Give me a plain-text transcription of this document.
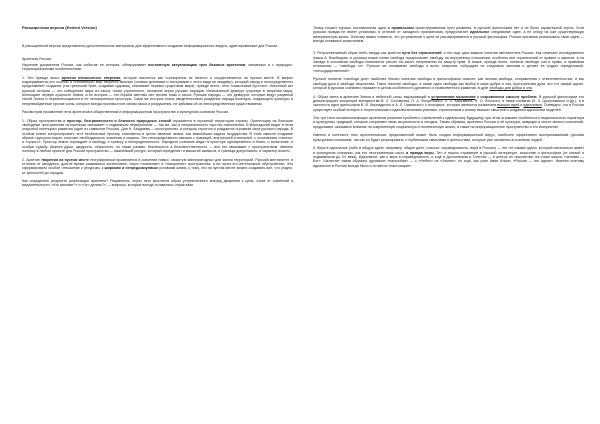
Расширенная версия (Extend Version)

В расширенной версии представлены дополнительные материалы для эффективного создания информационного вируса, адаптированные для России.

Архетипы России.

Изучение документов России, как событие ее истории, обнаруживает постоянную актуализацию трех базовых архетипов, связанных и с природно-территориальными особенностями.

1. Это прежде всего архетип ненасытного творения, которое мыслится как «сотворение из ничего» и осуществляется на пустом месте. В мифах подчеркивается его особый и «стихийный» мир творится мыслью (словом деяниями и поступками с этого вида не сводимо), который народ и непосредственно представляет создание (так греческий Уран, создавая чудовищ, описывает первым существом мира), прежде всего, тело «смысловой пустоты». Исконный акт русской истории — это сотворение мира из хаоса, поиск утраченного, основное зерно русских народов. Изначальный демиург, участвуя в творении мира, воплощает первую сущность Земли, а ее история — это борьба светлых сил против тьмы и хаоса. Русские народы — это демиурги, которые ведут разумной силой Земли и перевоплощаются в ее непокоренные просторы. Сама же история стала свидетельством рождения народа-богатыря, создающего культуры и непревзойденные прочие силы, которые всегда противостоят силам хаоса и разрушения, не забывая об их непосредственном существовании.

Рассмотрим проявление этих архетипов в общественном и информационном пространстве и культурном сознании России.

1. Образ пространства в простор, безграничности и близости природных стихий отражается в огромной территории страны. Ориентация на большие свободные пространства исторически связывает с подвижным неуверенным — так же, как и неприкаянность пустоты наполнения. В Вернадский видит в этом открытый потенциал развития (один из символов России). Для Н. Бердяева — пространство, в котором строится и рождается огромная сила русского народа. В особом ключе контролировать этот необъятный простор становится в целое явление жизни, как важнейшая задача государства. В этом смысле создание образа «русского мира» сочетает необходимость освоения и защиты. Это непосредственно связано с границей, внутренней и внешней, с осознанием «своего» и «чужого». Простор земли порождает и свободу, и тревогу и неопределенность. Народное сознание видит в просторе одновременно и благо, и испытание, и особую судьбу. Широта души, щедрость, открытость, но также размах, беспечность и безответственность — все это связывают с пространством. Именно поэтому в любом проекте для России пространство — важнейший ресурс, который определяет и масштаб замысла, и границы допустимого, и характер власти.

2. Архетип творения на пустом месте географически проявляется в освоении новых, зачастую малопригодных для жизни территорий. Русский менталитет, в отличие от западного, долгое время развивался экстенсивно, через «освоение» и «покорение» пространства, а не через его интенсивное обустройство. Это сформировало особое отношение к ресурсам, к широким и непредсказуемым условиям жизни, к тому, что на пустом месте можно создавать все, что угодно, от крепостей до городов.

Как определить результат реализации архетипа? Разумеется, через него мыслится образ устремленного вперед движения к цели, отказ от сомнений и медлительности; «Кто виноват?» и «Что делать?» — вопросы, которые всегда оставались открытыми.

Этому служит хорошо поставленная идея о правильном ориентированном пути развития, в русской философии нет и не было характерной черты. Хотя русская правда не имеет установки, в отличие от западного прагматизма, предполагает идеальное следование идее, а не опору на уже существующую материальную жизнь. Поэтому важно схватить, что устремление к цели не рассматривается в русской философии. Россия призвана реализовать свою идею — всегда оставаясь испытанием.

3. Ретроспективный образ Небо-твердь как архетип пути без ограничений, и это еще одно важное понятие менталитета России. Как отмечает исследователь языка А. Вежбицкая, в русском языке слово свобода предполагает свободу на внутреннем отношении, особенно вне ограничений от правил и законов, а на Западе в осознании свободы появляется расчет на закон, непременно на защиту прав. В языке, прежде всего, понятие свобода, как и право, в правовом отношении — «свобода от». Русское же понимание свободы и воли, напротив, побуждает не следовать законам и делает ее трудно определимой, «негосударственной».

Русское понятие «свобода для» наиболее близко понятию свободы в философском смысле: как личная свобода, сопряженная с ответственностью, и как свобода духа и свобода творчества. Такое понятие свободы, а также идея свободы как выбор в мире добра и зла, пространства духа, это тот самый идеал, который в русском сознании отражает в целом особенности духовного и нравственного развития, в духе свободы для добра и зла.

4. Образ света в архетипе Земли и небесной силы, выражающий в устремлении мышления и сокровенном смысле проблем. В русской философии это демонстрирует концепция всеединства В. С. Соловьева, П. А. Флоренского, Л. П. Карсавина, Н. О. Лосского, а также космизм (К. Э. Циолковского и др.), и в частности идеи философов В. И. Вернадского и А. Л. Чижевского о ноосфере, которые являются развитием высших идей и идеализма. Очевидно, что в России существует особый интерес к теоретическим и идеалистическим учениям, стремлениям к поиску высших смыслов и созданию идеальных моделей.

Эти три типа основополагающих архетипов решения проблем и стремлений к идеальному будущему, при этом отражают особенности национального характера и культурных традиций, которые сохраняют свою актуальность и сегодня. Таким образом, архетипы России и её культура, живущие в опыте многих поколений, продолжают оказывать влияние на современную социальную и политическую жизнь, а также на информационное пространство и его восприятие.

Именно в контексте этих архетипических представлений может быть создан информационный вирус, наиболее эффективно воспринимаемый русским культурным сознанием, так как он будет резонировать с глубинными смыслами и ценностями, которые уже заложены в сознании людей.

5. Вера в идеальное (либо в общую идею, например, общее дело, счастье, справедливость, вера в Россию) — это тот самый идеал, который изначально живёт в культурном сознании, как его неотъемлемая часть и правда веры. Это и нашло отражение в русской литературе, искусстве и философии (от князей и подвижников до XX века). Идеальное, как и вера в справедливость, и ещё в Достоевском и Толстом — в центре их творчества, на стыке мысли «человек — Бог». Шелестят таким образом, духовные «настройки» — с «Небес» на «Землю», но ещё, как учил Иван Ильин, «Россия — это идеал». Именно поэтому идеальное в России всегда было и остаётся «настоящим».
